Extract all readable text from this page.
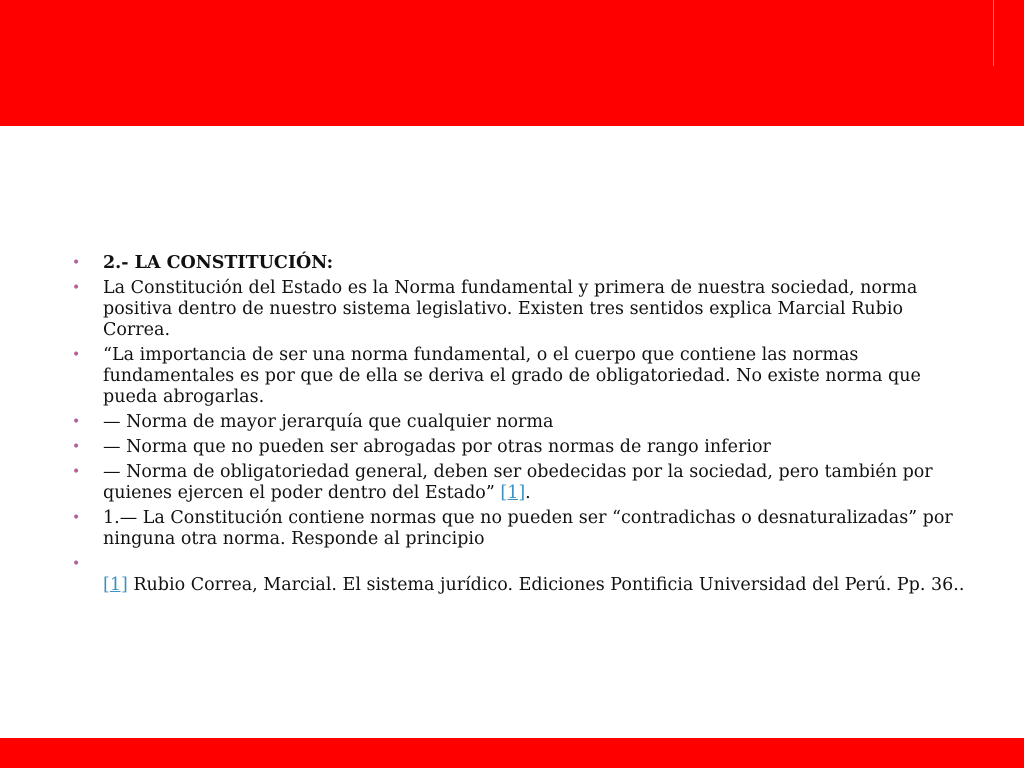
• 2.- LA CONSTITUCIÓN:
• La Constitución del Estado es la Norma fundamental y primera de nuestra sociedad, norma positiva dentro de nuestro sistema legislativo. Existen tres sentidos explica Marcial Rubio Correa.
• “La importancia de ser una norma fundamental, o el cuerpo que contiene las normas fundamentales es por que de ella se deriva el grado de obligatoriedad. No existe norma que pueda abrogarlas.
• — Norma de mayor jerarquía que cualquier norma
• — Norma que no pueden ser abrogadas por otras normas de rango inferior
• — Norma de obligatoriedad general, deben ser obedecidas por la sociedad, pero también por quienes ejercen el poder dentro del Estado” [1].
• 1.— La Constitución contiene normas que no pueden ser “contradichas o desnaturalizadas” por ninguna otra norma. Responde al principio
•

[1] Rubio Correa, Marcial. El sistema jurídico. Ediciones Pontificia Universidad del Perú. Pp. 36..
